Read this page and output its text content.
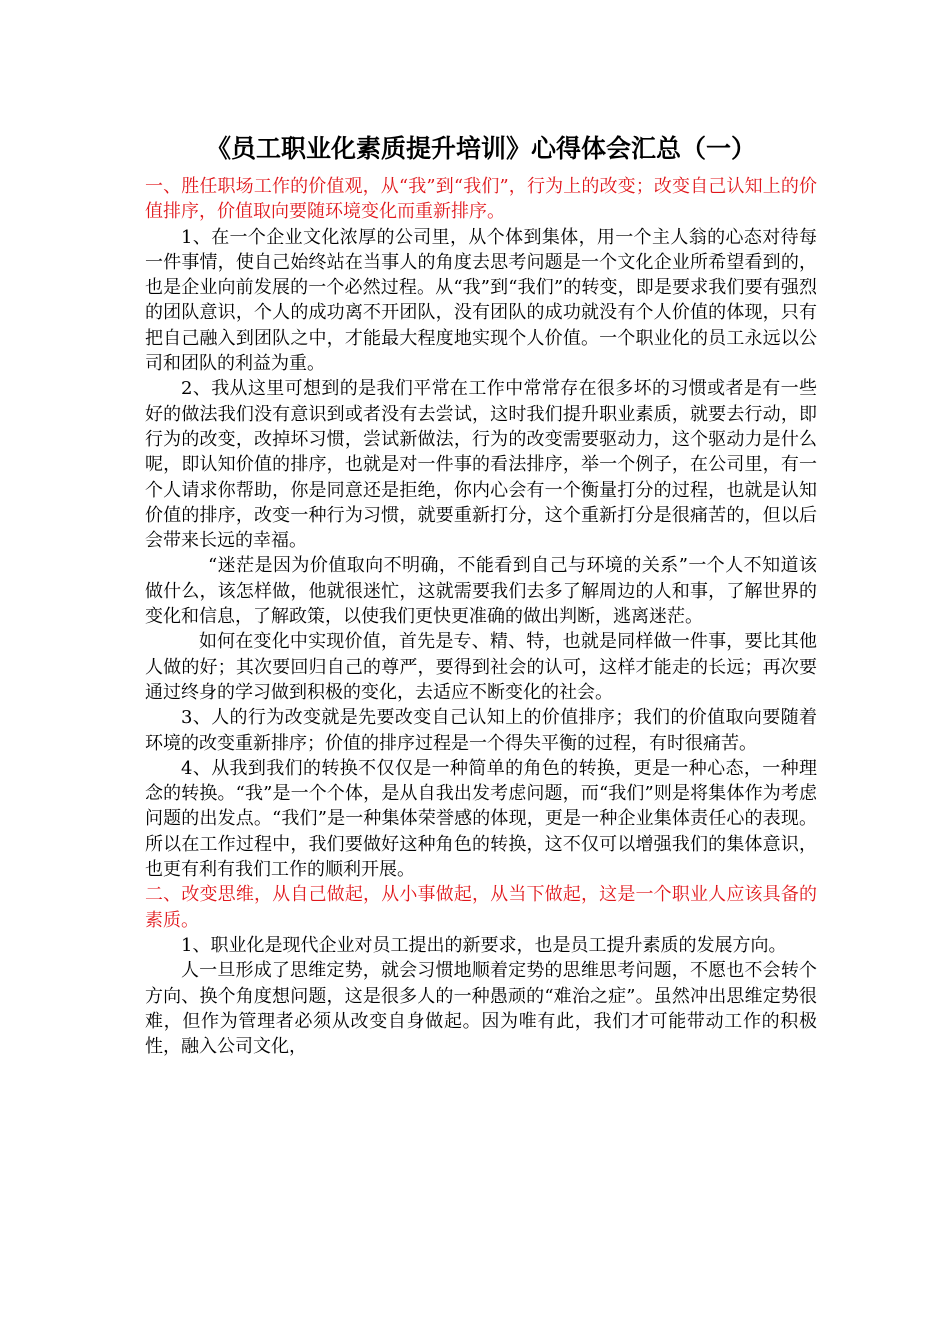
《员工职业化素质提升培训》心得体会汇总（一）

一、胜任职场工作的价值观，从“我”到“我们”，行为上的改变；改变自己认知上的价值排序，价值取向要随环境变化而重新排序。

1、在一个企业文化浓厚的公司里，从个体到集体，用一个主人翁的心态对待每一件事情，使自己始终站在当事人的角度去思考问题是一个文化企业所希望看到的，也是企业向前发展的一个必然过程。从“我”到“我们”的转变，即是要求我们要有强烈的团队意识，个人的成功离不开团队，没有团队的成功就没有个人价值的体现，只有把自己融入到团队之中，才能最大程度地实现个人价值。一个职业化的员工永远以公司和团队的利益为重。

2、我从这里可想到的是我们平常在工作中常常存在很多坏的习惯或者是有一些好的做法我们没有意识到或者没有去尝试，这时我们提升职业素质，就要去行动，即行为的改变，改掉坏习惯，尝试新做法，行为的改变需要驱动力，这个驱动力是什么呢，即认知价值的排序，也就是对一件事的看法排序，举一个例子，在公司里，有一个人请求你帮助，你是同意还是拒绝，你内心会有一个衡量打分的过程，也就是认知价值的排序，改变一种行为习惯，就要重新打分，这个重新打分是很痛苦的，但以后会带来长远的幸福。

“迷茫是因为价值取向不明确，不能看到自己与环境的关系”一个人不知道该做什么，该怎样做，他就很迷忙，这就需要我们去多了解周边的人和事，了解世界的变化和信息，了解政策，以使我们更快更准确的做出判断，逃离迷茫。

如何在变化中实现价值，首先是专、精、特，也就是同样做一件事，要比其他人做的好；其次要回归自己的尊严，要得到社会的认可，这样才能走的长远；再次要通过终身的学习做到积极的变化，去适应不断变化的社会。

3、人的行为改变就是先要改变自己认知上的价值排序；我们的价值取向要随着环境的改变重新排序；价值的排序过程是一个得失平衡的过程，有时很痛苦。

4、从我到我们的转换不仅仅是一种简单的角色的转换，更是一种心态，一种理念的转换。“我”是一个个体，是从自我出发考虑问题，而“我们”则是将集体作为考虑问题的出发点。“我们”是一种集体荣誉感的体现，更是一种企业集体责任心的表现。所以在工作过程中，我们要做好这种角色的转换，这不仅可以增强我们的集体意识，也更有利有我们工作的顺利开展。

二、改变思维，从自己做起，从小事做起，从当下做起，这是一个职业人应该具备的素质。

1、职业化是现代企业对员工提出的新要求，也是员工提升素质的发展方向。

人一旦形成了思维定势，就会习惯地顺着定势的思维思考问题，不愿也不会转个方向、换个角度想问题，这是很多人的一种愚顽的“难治之症”。虽然冲出思维定势很难，但作为管理者必须从改变自身做起。因为唯有此，我们才可能带动工作的积极性，融入公司文化，
